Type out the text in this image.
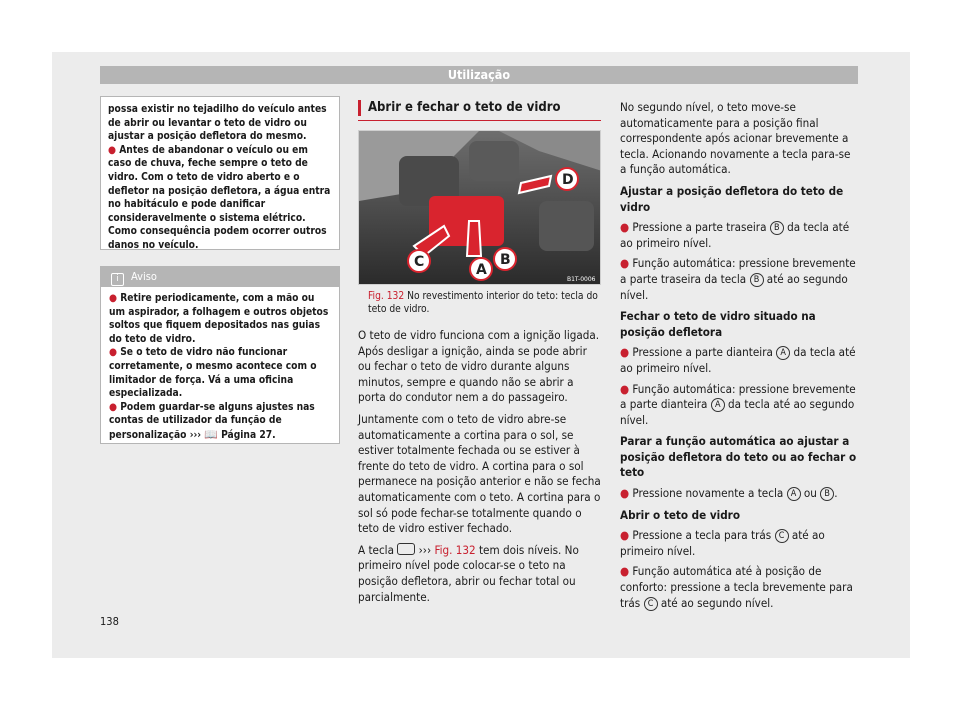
Utilização

possa existir no tejadilho do veículo antes de abrir ou levantar o teto de vidro ou ajustar a posição defletora do mesmo.

● Antes de abandonar o veículo ou em caso de chuva, feche sempre o teto de vidro. Com o teto de vidro aberto e o defletor na posição defletora, a água entra no habitáculo e pode danificar consideravelmente o sistema elétrico. Como consequência podem ocorrer outros danos no veículo.

i Aviso

● Retire periodicamente, com a mão ou um aspirador, a folhagem e outros objetos soltos que fiquem depositados nas guias do teto de vidro.

● Se o teto de vidro não funcionar corretamente, o mesmo acontece com o limitador de força. Vá a uma oficina especializada.

● Podem guardar-se alguns ajustes nas contas de utilizador da função de personalização ››› 📖 Página 27.

Abrir e fechar o teto de vidro
D
C	A
B
B1T-0006
Fig. 132 No revestimento interior do teto: tecla do teto de vidro.

O teto de vidro funciona com a ignição ligada. Após desligar a ignição, ainda se pode abrir ou fechar o teto de vidro durante alguns minutos, sempre e quando não se abrir a porta do condutor nem a do passageiro.

Juntamente com o teto de vidro abre-se automaticamente a cortina para o sol, se estiver totalmente fechada ou se estiver à frente do teto de vidro. A cortina para o sol permanece na posição anterior e não se fecha automaticamente com o teto. A cortina para o sol só pode fechar-se totalmente quando o teto de vidro estiver fechado.

A tecla  ››› Fig. 132 tem dois níveis. No primeiro nível pode colocar-se o teto na posição defletora, abrir ou fechar total ou parcialmente.

No segundo nível, o teto move-se automaticamente para a posição final correspondente após acionar brevemente a tecla. Acionando novamente a tecla para-se a função automática.

Ajustar a posição defletora do teto de vidro

● Pressione a parte traseira B da tecla até ao primeiro nível.

● Função automática: pressione brevemente a parte traseira da tecla B até ao segundo nível.

Fechar o teto de vidro situado na posição defletora

● Pressione a parte dianteira A da tecla até ao primeiro nível.

● Função automática: pressione brevemente a parte dianteira A da tecla até ao segundo nível.

Parar a função automática ao ajustar a posição defletora do teto ou ao fechar o teto

● Pressione novamente a tecla A ou B .

Abrir o teto de vidro

● Pressione a tecla para trás C até ao primeiro nível.

● Função automática até à posição de conforto: pressione a tecla brevemente para trás C até ao segundo nível.

138
